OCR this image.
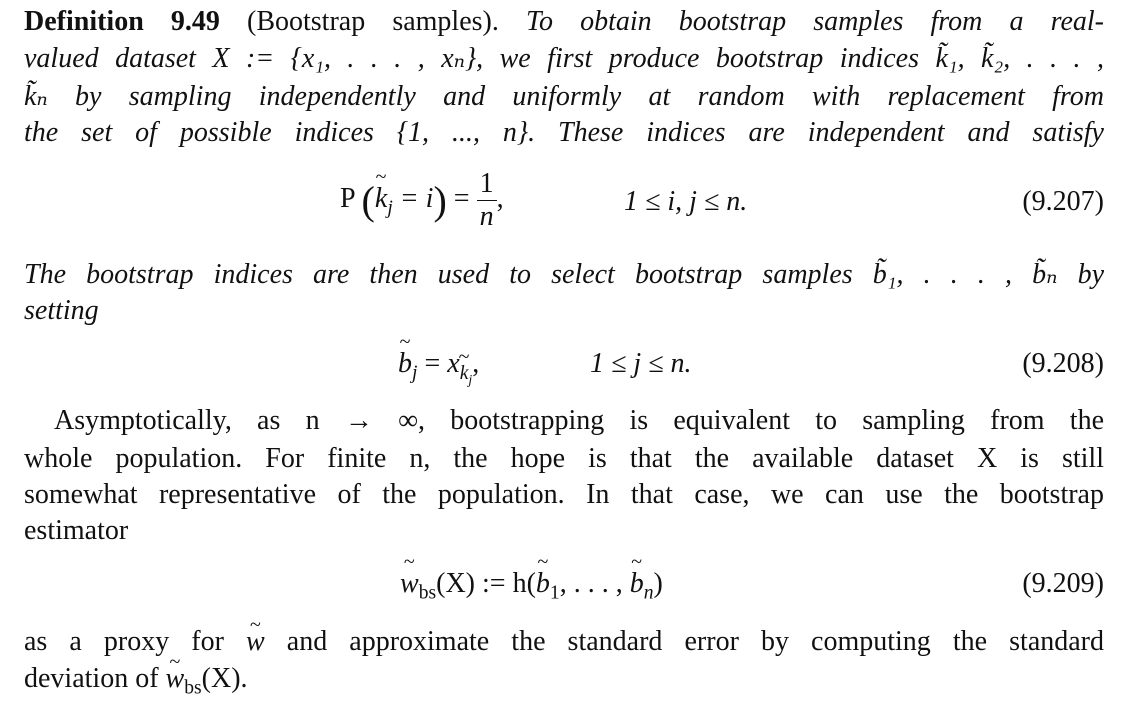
Definition 9.49 (Bootstrap samples). To obtain bootstrap samples from a real-
valued dataset X := {x₁, . . . , xₙ}, we first produce bootstrap indices k̃₁, k̃₂, . . . ,
k̃ₙ by sampling independently and uniformly at random with replacement from
the set of possible indices {1, ..., n}. These indices are independent and satisfy
P (~ $k_j = i) = \frac{1}{n}$ ,	1 ≤ i, j ≤ n.	(9.207)
The bootstrap indices are then used to select bootstrap samples b̃₁, . . . , b̃ₙ by
setting
~ $b_j$ = x~ $_{k_j}$,	1 ≤ j ≤ n.	(9.208)
Asymptotically, as n → ∞, bootstrapping is equivalent to sampling from the
whole population. For finite n, the hope is that the available dataset X is still
somewhat representative of the population. In that case, we can use the bootstrap
estimator
~ $w_{bs}(X)$ := h(~ $b_1$, . . . , ~ $b_n$)	(9.209)
as a proxy for ~ w and approximate the standard error by computing the standard
deviation of ~ $w_{bs}(X)$.
